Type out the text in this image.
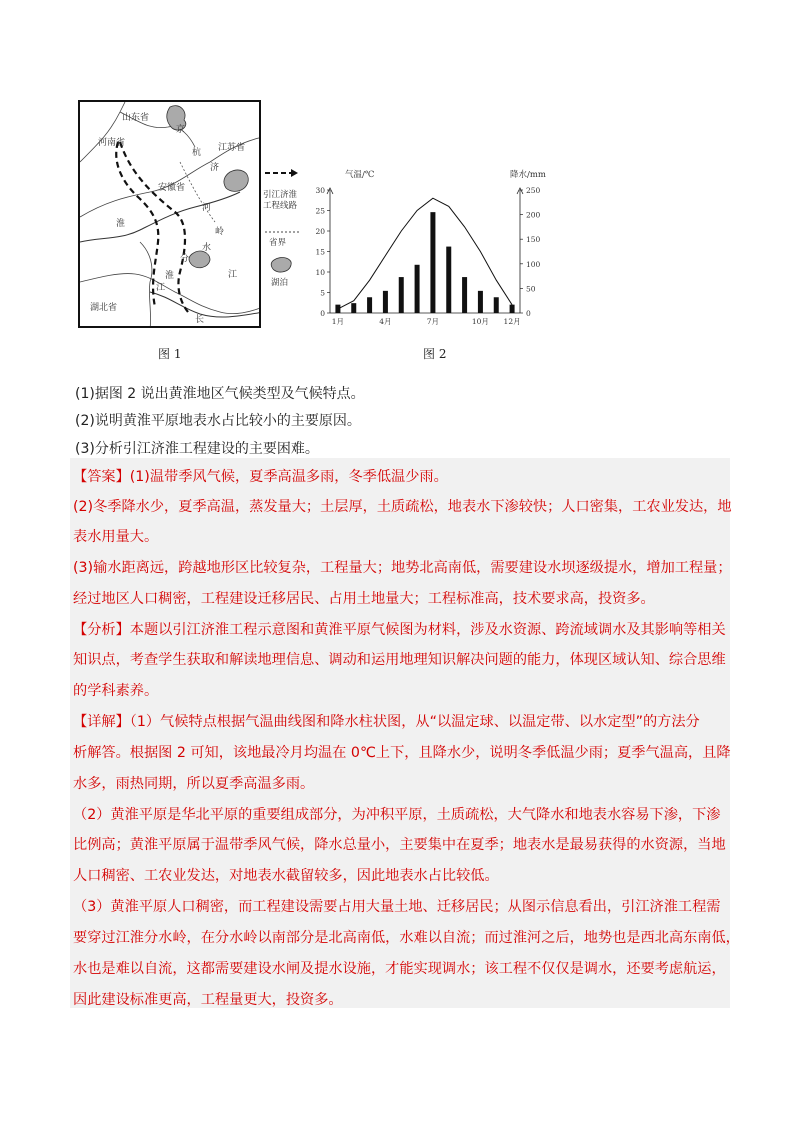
山东省
京
河南省	江苏省
杭
济
安徽省
淮
河
岭
水
分
淮	江
江
湖北省
长
引江济淮
工程线路
省界
湖泊
气温/℃	降水/mm
0
5
10
15
20
25
30
0
50
100
150
200
250
1月	4月	7月	10月 12月
图 1	图 2
(1)据图 2 说出黄淮地区气候类型及气候特点。
(2)说明黄淮平原地表水占比较小的主要原因。
(3)分析引江济淮工程建设的主要困难。
【答案】(1)温带季风气候，夏季高温多雨，冬季低温少雨。
(2)冬季降水少，夏季高温，蒸发量大；土层厚，土质疏松，地表水下渗较快；人口密集，工农业发达，地
表水用量大。
(3)输水距离远，跨越地形区比较复杂，工程量大；地势北高南低，需要建设水坝逐级提水，增加工程量；
经过地区人口稠密，工程建设迁移居民、占用土地量大；工程标准高，技术要求高，投资多。
【分析】本题以引江济淮工程示意图和黄淮平原气候图为材料，涉及水资源、跨流域调水及其影响等相关
知识点，考查学生获取和解读地理信息、调动和运用地理知识解决问题的能力，体现区域认知、综合思维
的学科素养。
【详解】（1）气候特点根据气温曲线图和降水柱状图，从“以温定球、以温定带、以水定型”的方法分
析解答。根据图 2 可知，该地最冷月均温在 0℃上下，且降水少，说明冬季低温少雨；夏季气温高，且降
水多，雨热同期，所以夏季高温多雨。
（2）黄淮平原是华北平原的重要组成部分，为冲积平原，土质疏松，大气降水和地表水容易下渗，下渗
比例高；黄淮平原属于温带季风气候，降水总量小，主要集中在夏季；地表水是最易获得的水资源，当地
人口稠密、工农业发达，对地表水截留较多，因此地表水占比较低。
（3）黄淮平原人口稠密，而工程建设需要占用大量土地、迁移居民；从图示信息看出，引江济淮工程需
要穿过江淮分水岭，在分水岭以南部分是北高南低，水难以自流；而过淮河之后，地势也是西北高东南低，
水也是难以自流，这都需要建设水闸及提水设施，才能实现调水；该工程不仅仅是调水，还要考虑航运，
因此建设标准更高，工程量更大，投资多。
